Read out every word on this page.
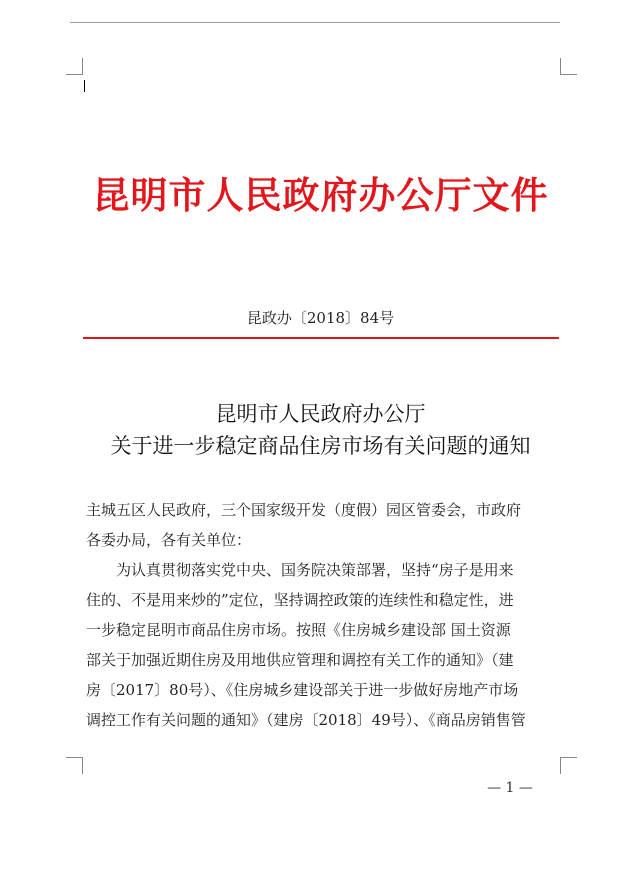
昆明市人民政府办公厅文件
昆政办〔2018〕84号
昆明市人民政府办公厅
关于进一步稳定商品住房市场有关问题的通知
主城五区人民政府，三个国家级开发（度假）园区管委会，市政府
各委办局，各有关单位：
为认真贯彻落实党中央、国务院决策部署，坚持“房子是用来
住的、不是用来炒的”定位，坚持调控政策的连续性和稳定性，进
一步稳定昆明市商品住房市场。按照《住房城乡建设部 国土资源
部关于加强近期住房及用地供应管理和调控有关工作的通知》（建
房〔2017〕80号）、《住房城乡建设部关于进一步做好房地产市场
调控工作有关问题的通知》（建房〔2018〕49号）、《商品房销售管
— 1 —
